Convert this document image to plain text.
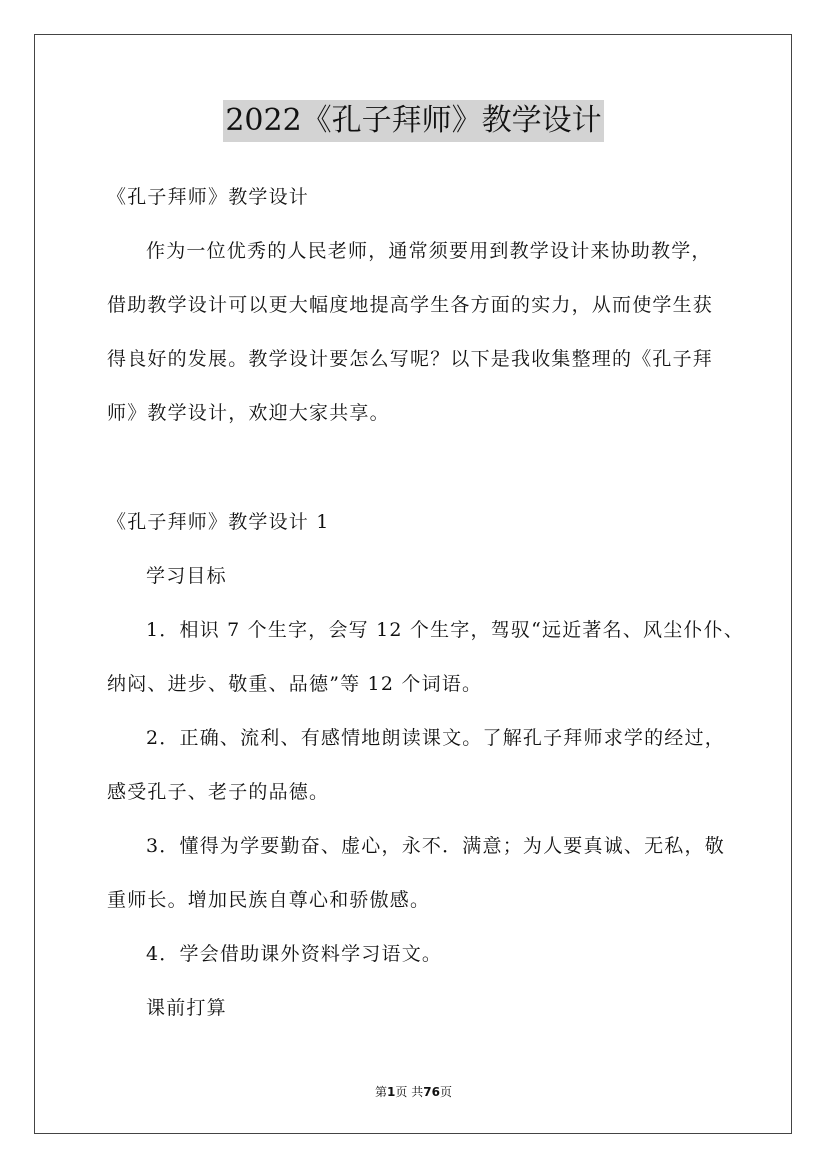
2022《孔子拜师》教学设计
《孔子拜师》教学设计
作为一位优秀的人民老师，通常须要用到教学设计来协助教学，
借助教学设计可以更大幅度地提高学生各方面的实力，从而使学生获
得良好的发展。教学设计要怎么写呢？以下是我收集整理的《孔子拜
师》教学设计，欢迎大家共享。
《孔子拜师》教学设计 1
学习目标
1．相识 7 个生字，会写 12 个生字，驾驭“远近著名、风尘仆仆、
纳闷、进步、敬重、品德”等 12 个词语。
2．正确、流利、有感情地朗读课文。了解孔子拜师求学的经过，
感受孔子、老子的品德。
3．懂得为学要勤奋、虚心，永不．满意；为人要真诚、无私，敬
重师长。增加民族自尊心和骄傲感。
4．学会借助课外资料学习语文。
课前打算
第1页 共76页
